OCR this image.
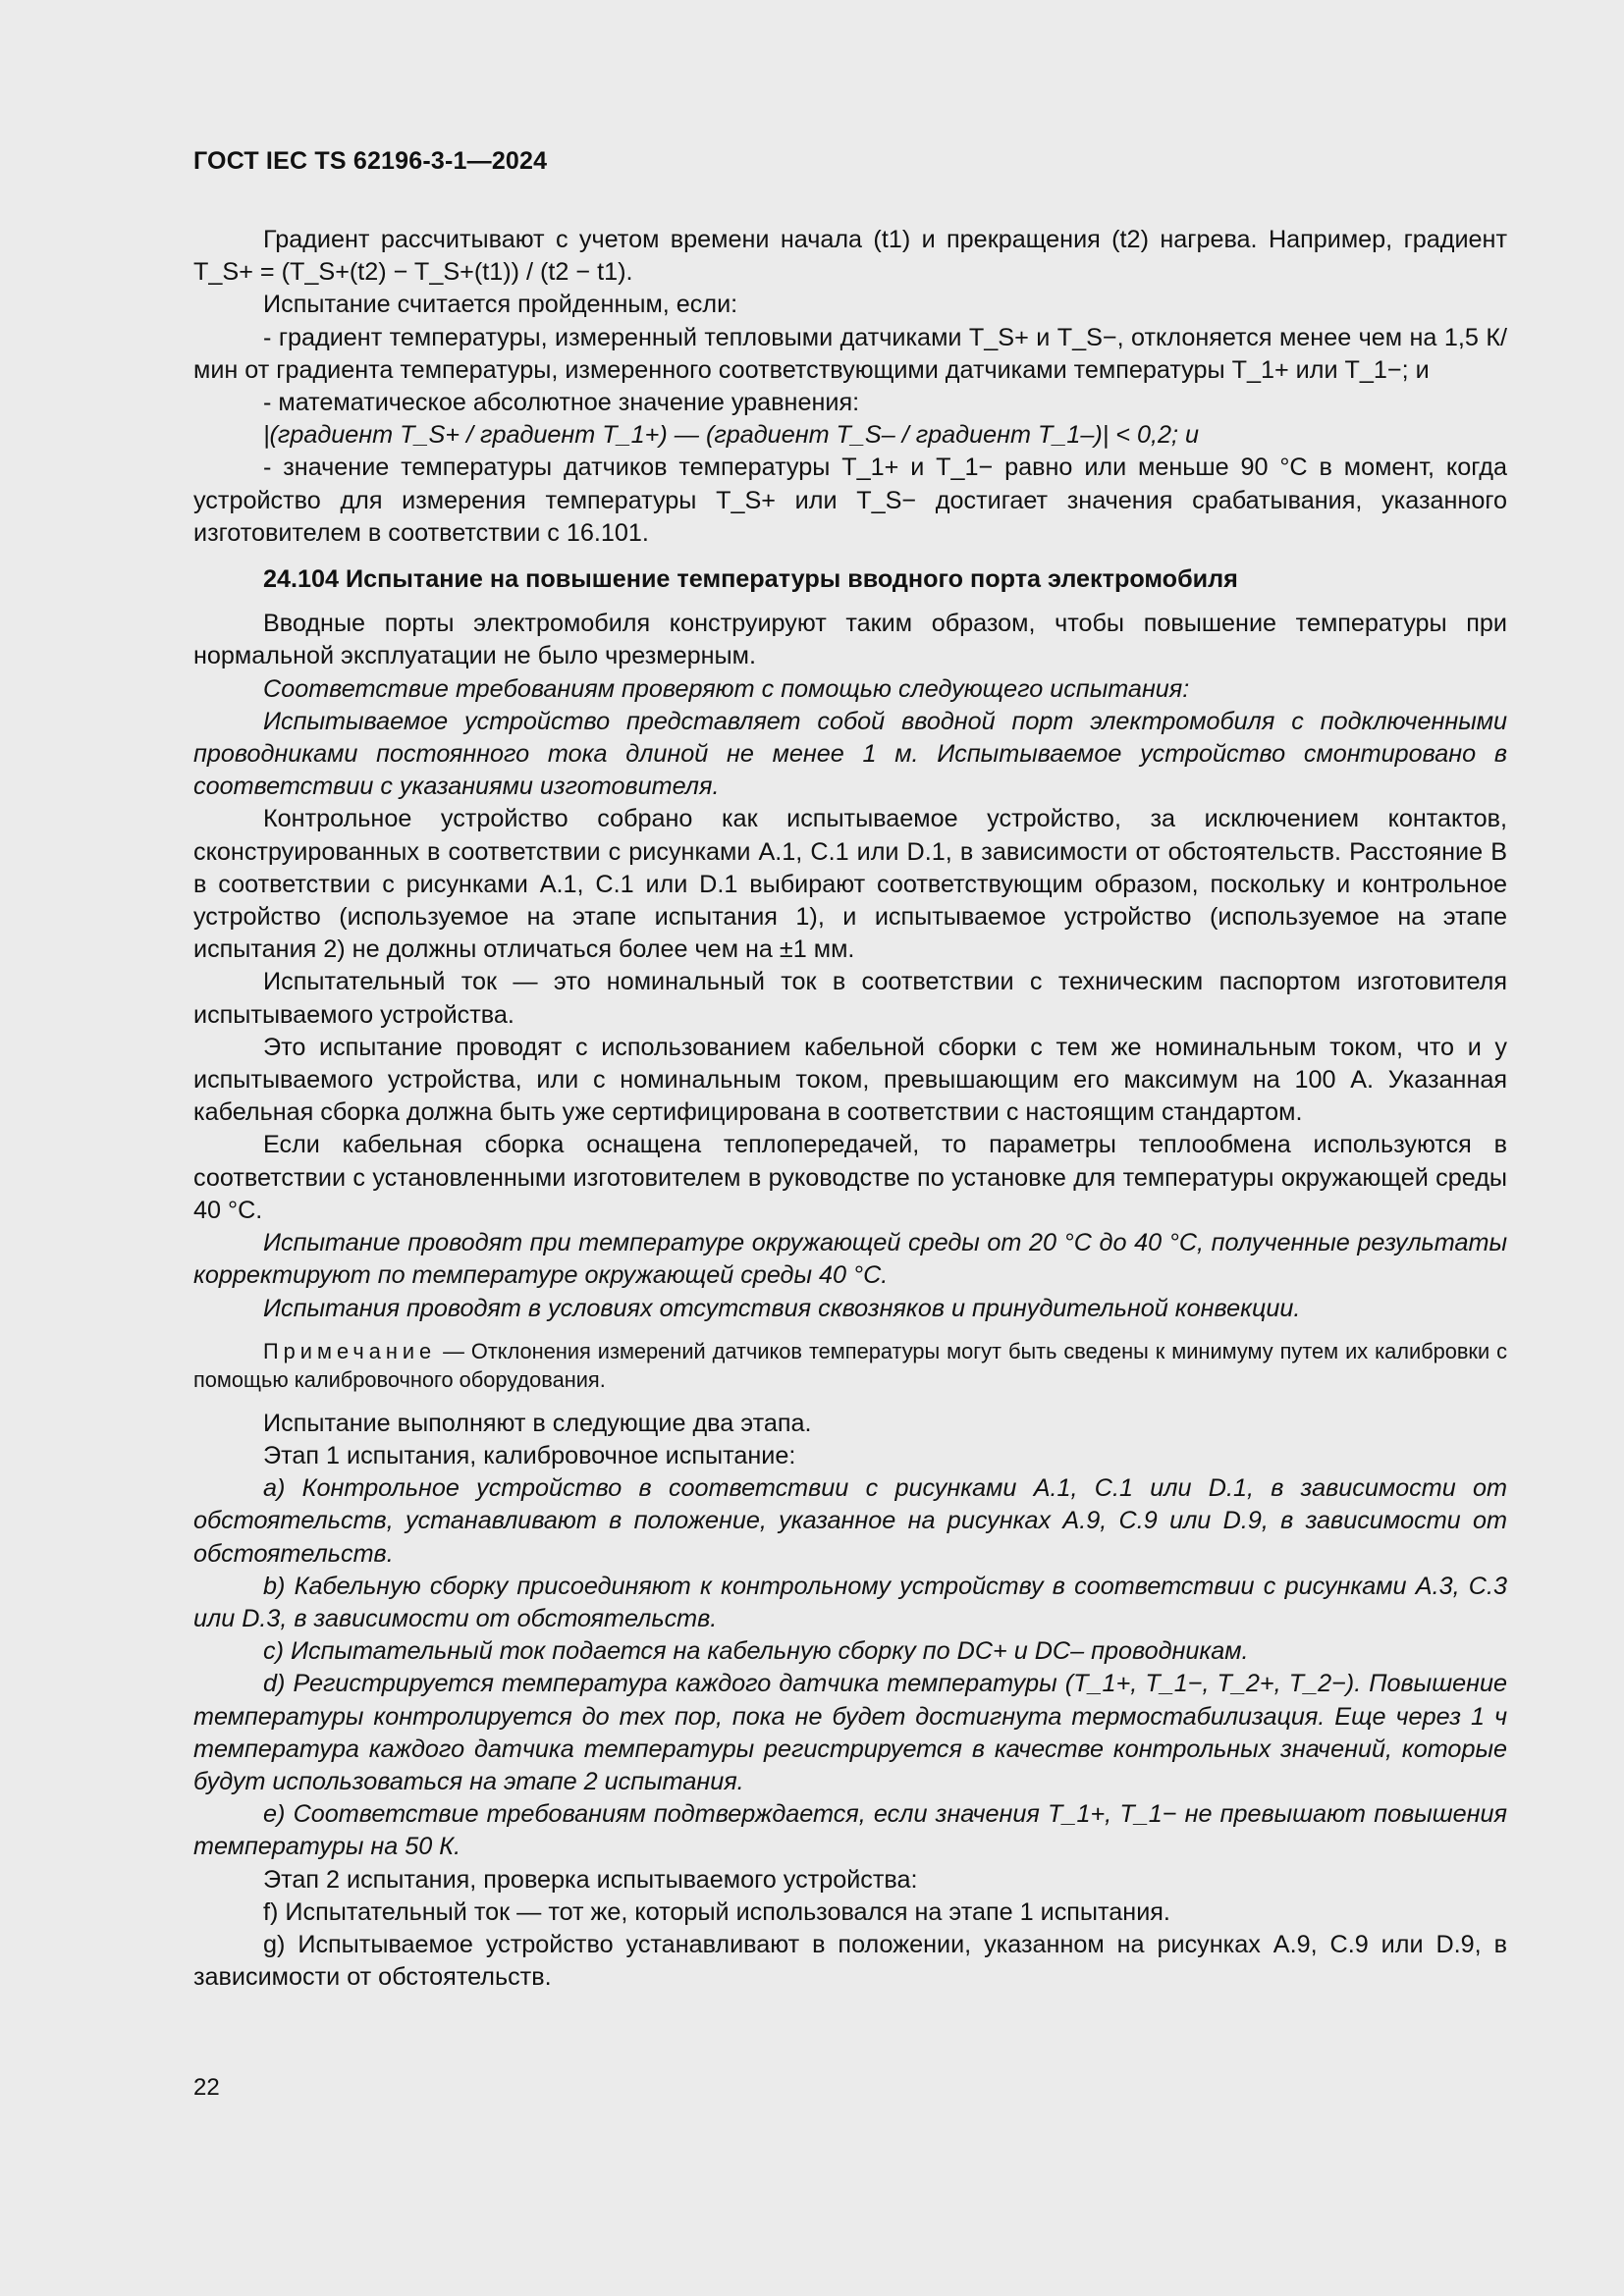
ГОСТ IEC TS 62196-3-1—2024

Градиент рассчитывают с учетом времени начала (t1) и прекращения (t2) нагрева. Например, градиент T_S+ = (T_S+(t2) − T_S+(t1)) / (t2 − t1).

Испытание считается пройденным, если:

- градиент температуры, измеренный тепловыми датчиками T_S+ и T_S−, отклоняется менее чем на 1,5 К/мин от градиента температуры, измеренного соответствующими датчиками температуры T_1+ или T_1−; и

- математическое абсолютное значение уравнения:

|(градиент T_S+ / градиент T_1+) — (градиент T_S– / градиент T_1–)| < 0,2; и

- значение температуры датчиков температуры T_1+ и T_1− равно или меньше 90 °С в момент, когда устройство для измерения температуры T_S+ или T_S− достигает значения срабатывания, указанного изготовителем в соответствии с 16.101.

24.104 Испытание на повышение температуры вводного порта электромобиля

Вводные порты электромобиля конструируют таким образом, чтобы повышение температуры при нормальной эксплуатации не было чрезмерным.

Соответствие требованиям проверяют с помощью следующего испытания:

Испытываемое устройство представляет собой вводной порт электромобиля с подключенными проводниками постоянного тока длиной не менее 1 м. Испытываемое устройство смонтировано в соответствии с указаниями изготовителя.

Контрольное устройство собрано как испытываемое устройство, за исключением контактов, сконструированных в соответствии с рисунками А.1, С.1 или D.1, в зависимости от обстоятельств. Расстояние В в соответствии с рисунками А.1, С.1 или D.1 выбирают соответствующим образом, поскольку и контрольное устройство (используемое на этапе испытания 1), и испытываемое устройство (используемое на этапе испытания 2) не должны отличаться более чем на ±1 мм.

Испытательный ток — это номинальный ток в соответствии с техническим паспортом изготовителя испытываемого устройства.

Это испытание проводят с использованием кабельной сборки с тем же номинальным током, что и у испытываемого устройства, или с номинальным током, превышающим его максимум на 100 А. Указанная кабельная сборка должна быть уже сертифицирована в соответствии с настоящим стандартом.

Если кабельная сборка оснащена теплопередачей, то параметры теплообмена используются в соответствии с установленными изготовителем в руководстве по установке для температуры окружающей среды 40 °С.

Испытание проводят при температуре окружающей среды от 20 °С до 40 °С, полученные результаты корректируют по температуре окружающей среды 40 °С.

Испытания проводят в условиях отсутствия сквозняков и принудительной конвекции.

Примечание — Отклонения измерений датчиков температуры могут быть сведены к минимуму путем их калибровки с помощью калибровочного оборудования.

Испытание выполняют в следующие два этапа.

Этап 1 испытания, калибровочное испытание:

а) Контрольное устройство в соответствии с рисунками А.1, С.1 или D.1, в зависимости от обстоятельств, устанавливают в положение, указанное на рисунках А.9, С.9 или D.9, в зависимости от обстоятельств.

b) Кабельную сборку присоединяют к контрольному устройству в соответствии с рисунками А.3, С.3 или D.3, в зависимости от обстоятельств.

с) Испытательный ток подается на кабельную сборку по DC+ и DC– проводникам.

d) Регистрируется температура каждого датчика температуры (T_1+, T_1−, T_2+, T_2−). Повышение температуры контролируется до тех пор, пока не будет достигнута термостабилизация. Еще через 1 ч температура каждого датчика температуры регистрируется в качестве контрольных значений, которые будут использоваться на этапе 2 испытания.

е) Соответствие требованиям подтверждается, если значения T_1+, T_1− не превышают повышения температуры на 50 К.

Этап 2 испытания, проверка испытываемого устройства:

f) Испытательный ток — тот же, который использовался на этапе 1 испытания.

g) Испытываемое устройство устанавливают в положении, указанном на рисунках А.9, С.9 или D.9, в зависимости от обстоятельств.

22
